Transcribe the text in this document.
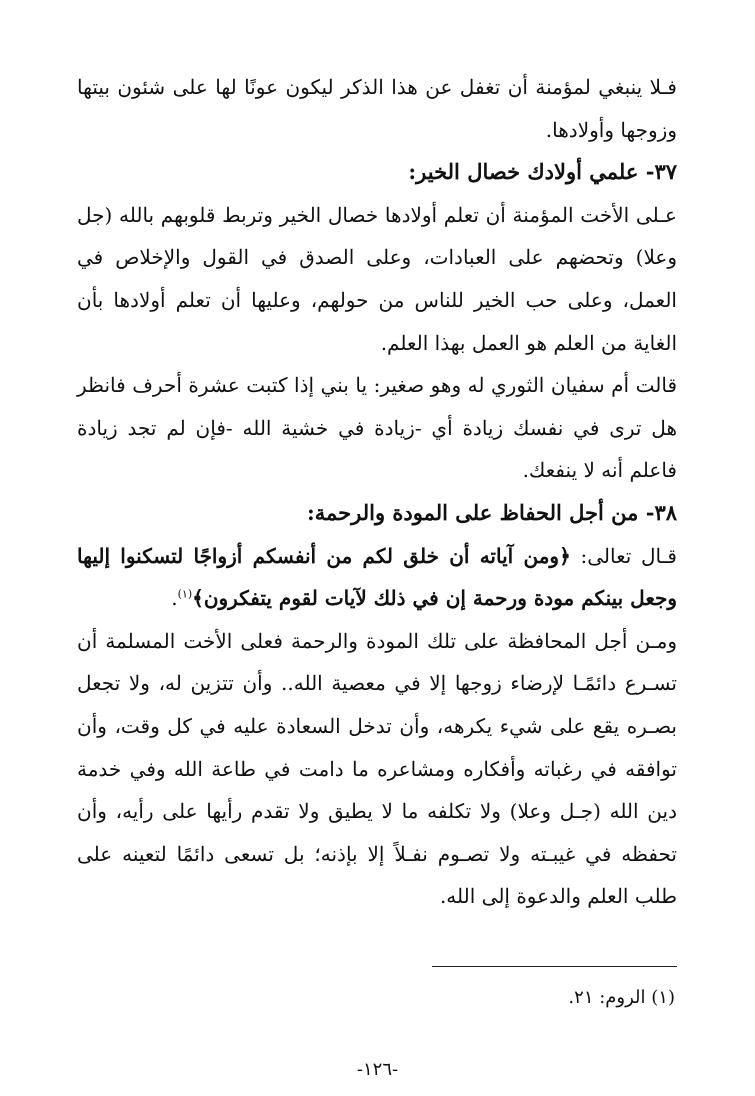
فـلا ينبغي لمؤمنة أن تغفل عن هذا الذكر ليكون عونًا لها على شئون بيتها وزوجها وأولادها.

٣٧- علمي أولادك خصال الخير:

عـلى الأخت المؤمنة أن تعلم أولادها خصال الخير وتربط قلوبهم بالله (جل وعلا) وتحضهم على العبادات، وعلى الصدق في القول والإخلاص في العمل، وعلى حب الخير للناس من حولهم، وعليها أن تعلم أولادها بأن الغاية من العلم هو العمل بهذا العلم.

قالت أم سفيان الثوري له وهو صغير: يا بني إذا كتبت عشرة أحرف فانظر هل ترى في نفسك زيادة أي -زيادة في خشية الله -فإن لم تجد زيادة فاعلم أنه لا ينفعك.

٣٨- من أجل الحفاظ على المودة والرحمة:

قـال تعالى: ﴿ومن آياته أن خلق لكم من أنفسكم أزواجًا لتسكنوا إليها وجعل بينكم مودة ورحمة إن في ذلك لآيات لقوم يتفكرون﴾$^{(١)}$.

ومـن أجل المحافظة على تلك المودة والرحمة فعلى الأخت المسلمة أن تسـرع دائمًـا لإرضاء زوجها إلا في معصية الله.. وأن تتزين له، ولا تجعل بصـره يقع على شيء يكرهه، وأن تدخل السعادة عليه في كل وقت، وأن توافقه في رغباته وأفكاره ومشاعره ما دامت في طاعة الله وفي خدمة دين الله (جـل وعلا) ولا تكلفه ما لا يطيق ولا تقدم رأيها على رأيه، وأن تحفظه في غيبـته ولا تصـوم نفـلاً إلا بإذنه؛ بل تسعى دائمًا لتعينه على طلب العلم والدعوة إلى الله.

(١) الروم: ٢١.

-١٢٦-
